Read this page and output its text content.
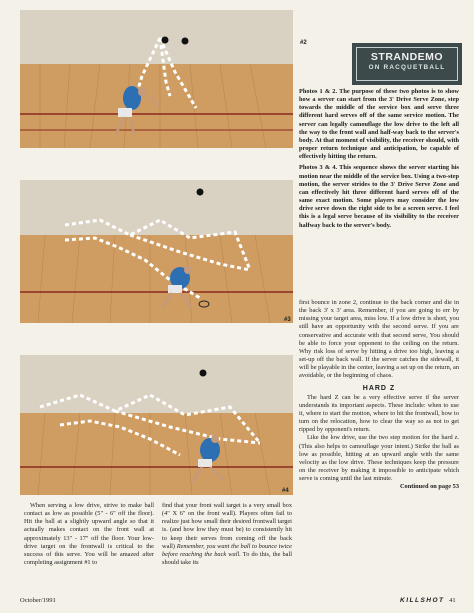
#2
#3
#4
STRANDEMO
ON RACQUETBALL

Photos 1 & 2. The purpose of these two photos is to show how a server can start from the 3' Drive Serve Zone, step towards the middle of the service box and serve three different hard serves off of the same service motion. The server can legally camouflage the low drive to the left all the way to the front wall and half-way back to the server's body. At that moment of visibility, the receiver should, with proper return technique and anticipation, be capable of effectively hitting the return.

Photos 3 & 4. This sequence shows the server starting his motion near the middle of the service box. Using a two-step motion, the server strides to the 3' Drive Serve Zone and can effectively hit three different hard serves off of the same exact motion. Some players may consider the low drive serve down the right side to be a screen serve. I feel this is a legal serve because of its visibility to the receiver halfway back to the server's body.

first bounce in zone 2, continue to the back corner and die in the back 3' x 3' area. Remember, if you are going to err by missing your target area, miss low. If a low drive is short, you still have an opportunity with the second serve. If you are conservative and accurate with that second serve, You should be able to force your opponent to the ceiling on the return. Why risk loss of serve by hitting a drive too high, leaving a set-up off the back wall. If the server catches the sidewall, it will be playable in the center, leaving a set up on the return, an avoidable, or the beginning of chaos.

HARD Z

The hard Z can be a very effective serve if the server understands its important aspects. These include: when to use it, where to start the motion, where to hit the frontwall, how to turn on the relocation, how to clear the way so as not to get ripped by opponent's return.

Like the low drive, use the two step motion for the hard z. (This also helps to camouflage your intent.) Strike the ball as low as possible, hitting at an upward angle with the same velocity as the low drive. These techniques keep the pressure on the receiver by making it impossible to anticipate which serve is coming until the last minute.

Continued on page 53

When serving a low drive, strive to make ball contact as low as possible (5" - 6" off the floor). Hit the ball at a slightly upward angle so that it actually makes contact on the front wall at approximately 13" - 17" off the floor. Your low-drive target on the frontwall is critical to the success of this serve. You will be amazed after completing assignment #1 to

find that your front wall target is a very small box (4" X 6" on the front wall). Players often fail to realize just how small their desired frontwall target is. (and how low they must be) to consistently hit to keep their serves from coming off the back wall) Remember, you want the ball to bounce twice before reaching the back wall. To do this, the ball should take its

October/1991	KILLSHOT 41
